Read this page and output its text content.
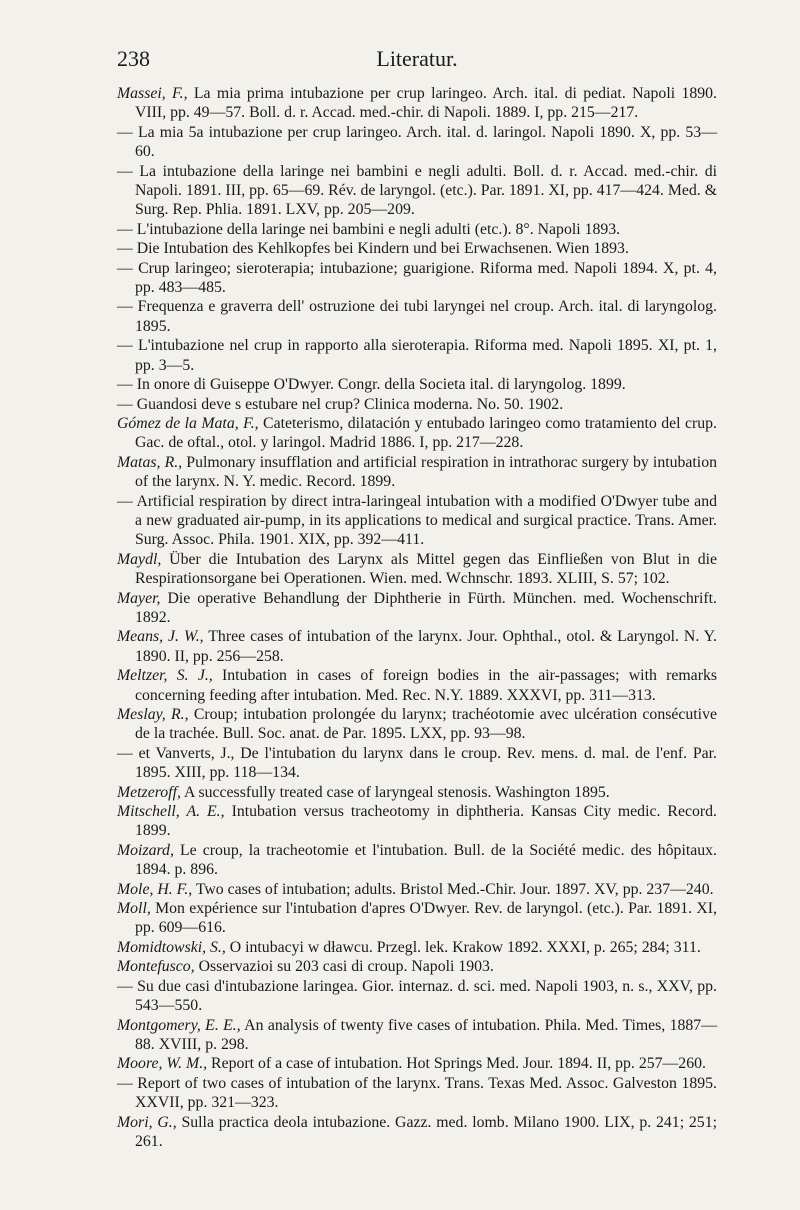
238	Literatur.

Massei, F., La mia prima intubazione per crup laringeo. Arch. ital. di pediat. Napoli 1890. VIII, pp. 49—57. Boll. d. r. Accad. med.-chir. di Napoli. 1889. I, pp. 215—217.

— La mia 5a intubazione per crup laringeo. Arch. ital. d. laringol. Napoli 1890. X, pp. 53—60.

— La intubazione della laringe nei bambini e negli adulti. Boll. d. r. Accad. med.-chir. di Napoli. 1891. III, pp. 65—69. Rév. de laryngol. (etc.). Par. 1891. XI, pp. 417—424. Med. & Surg. Rep. Phlia. 1891. LXV, pp. 205—209.

— L'intubazione della laringe nei bambini e negli adulti (etc.). 8°. Napoli 1893.

— Die Intubation des Kehlkopfes bei Kindern und bei Erwachsenen. Wien 1893.

— Crup laringeo; sieroterapia; intubazione; guarigione. Riforma med. Napoli 1894. X, pt. 4, pp. 483—485.

— Frequenza e graverra dell' ostruzione dei tubi laryngei nel croup. Arch. ital. di laryngolog. 1895.

— L'intubazione nel crup in rapporto alla sieroterapia. Riforma med. Napoli 1895. XI, pt. 1, pp. 3—5.

— In onore di Guiseppe O'Dwyer. Congr. della Societa ital. di laryngolog. 1899.

— Guandosi deve s estubare nel crup? Clinica moderna. No. 50. 1902.

Gómez de la Mata, F., Cateterismo, dilatación y entubado laringeo como tratamiento del crup. Gac. de oftal., otol. y laringol. Madrid 1886. I, pp. 217—228.

Matas, R., Pulmonary insufflation and artificial respiration in intrathorac surgery by intubation of the larynx. N. Y. medic. Record. 1899.

— Artificial respiration by direct intra-laringeal intubation with a modified O'Dwyer tube and a new graduated air-pump, in its applications to medical and surgical practice. Trans. Amer. Surg. Assoc. Phila. 1901. XIX, pp. 392—411.

Maydl, Über die Intubation des Larynx als Mittel gegen das Einfließen von Blut in die Respirationsorgane bei Operationen. Wien. med. Wchnschr. 1893. XLIII, S. 57; 102.

Mayer, Die operative Behandlung der Diphtherie in Fürth. München. med. Wochenschrift. 1892.

Means, J. W., Three cases of intubation of the larynx. Jour. Ophthal., otol. & Laryngol. N. Y. 1890. II, pp. 256—258.

Meltzer, S. J., Intubation in cases of foreign bodies in the air-passages; with remarks concerning feeding after intubation. Med. Rec. N.Y. 1889. XXXVI, pp. 311—313.

Meslay, R., Croup; intubation prolongée du larynx; trachéotomie avec ulcération consécutive de la trachée. Bull. Soc. anat. de Par. 1895. LXX, pp. 93—98.

— et Vanverts, J., De l'intubation du larynx dans le croup. Rev. mens. d. mal. de l'enf. Par. 1895. XIII, pp. 118—134.

Metzeroff, A successfully treated case of laryngeal stenosis. Washington 1895.

Mitschell, A. E., Intubation versus tracheotomy in diphtheria. Kansas City medic. Record. 1899.

Moizard, Le croup, la tracheotomie et l'intubation. Bull. de la Société medic. des hôpitaux. 1894. p. 896.

Mole, H. F., Two cases of intubation; adults. Bristol Med.-Chir. Jour. 1897. XV, pp. 237—240.

Moll, Mon expérience sur l'intubation d'apres O'Dwyer. Rev. de laryngol. (etc.). Par. 1891. XI, pp. 609—616.

Momidtowski, S., O intubacyi w dławcu. Przegl. lek. Krakow 1892. XXXI, p. 265; 284; 311.

Montefusco, Osservazioi su 203 casi di croup. Napoli 1903.

— Su due casi d'intubazione laringea. Gior. internaz. d. sci. med. Napoli 1903, n. s., XXV, pp. 543—550.

Montgomery, E. E., An analysis of twenty five cases of intubation. Phila. Med. Times, 1887—88. XVIII, p. 298.

Moore, W. M., Report of a case of intubation. Hot Springs Med. Jour. 1894. II, pp. 257—260.

— Report of two cases of intubation of the larynx. Trans. Texas Med. Assoc. Galveston 1895. XXVII, pp. 321—323.

Mori, G., Sulla practica deola intubazione. Gazz. med. lomb. Milano 1900. LIX, p. 241; 251; 261.
